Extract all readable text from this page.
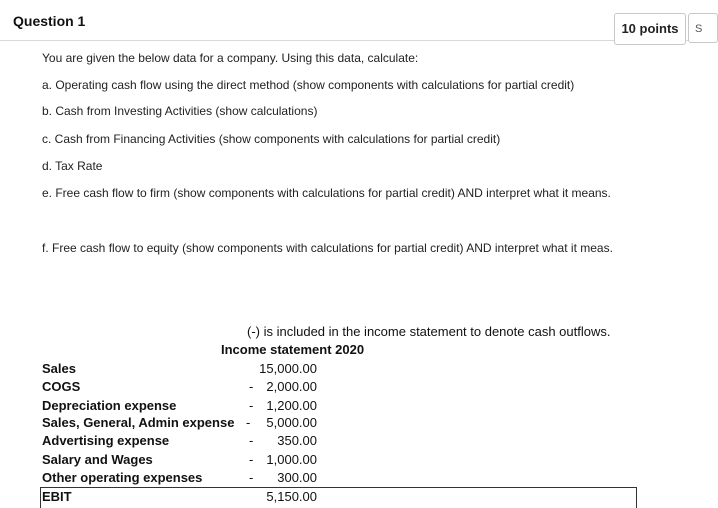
Question 1	10 points	S
You are given the below data for a company. Using this data, calculate:
a. Operating cash flow using the direct method (show components with calculations for partial credit)
b. Cash from Investing Activities (show calculations)
c. Cash from Financing Activities (show components with calculations for partial credit)
d. Tax Rate
e. Free cash flow to firm (show components with calculations for partial credit) AND interpret what it means.
f. Free cash flow to equity (show components with calculations for partial credit) AND interpret what it meas.
(-) is included in the income statement to denote cash outflows.
Income statement 2020
Sales	15,000.00
COGS	- 2,000.00
Depreciation expense	- 1,200.00
Sales, General, Admin expense - 5,000.00
Advertising expense	- 350.00
Salary and Wages	- 1,000.00
Other operating expenses	- 300.00
EBIT	5,150.00
